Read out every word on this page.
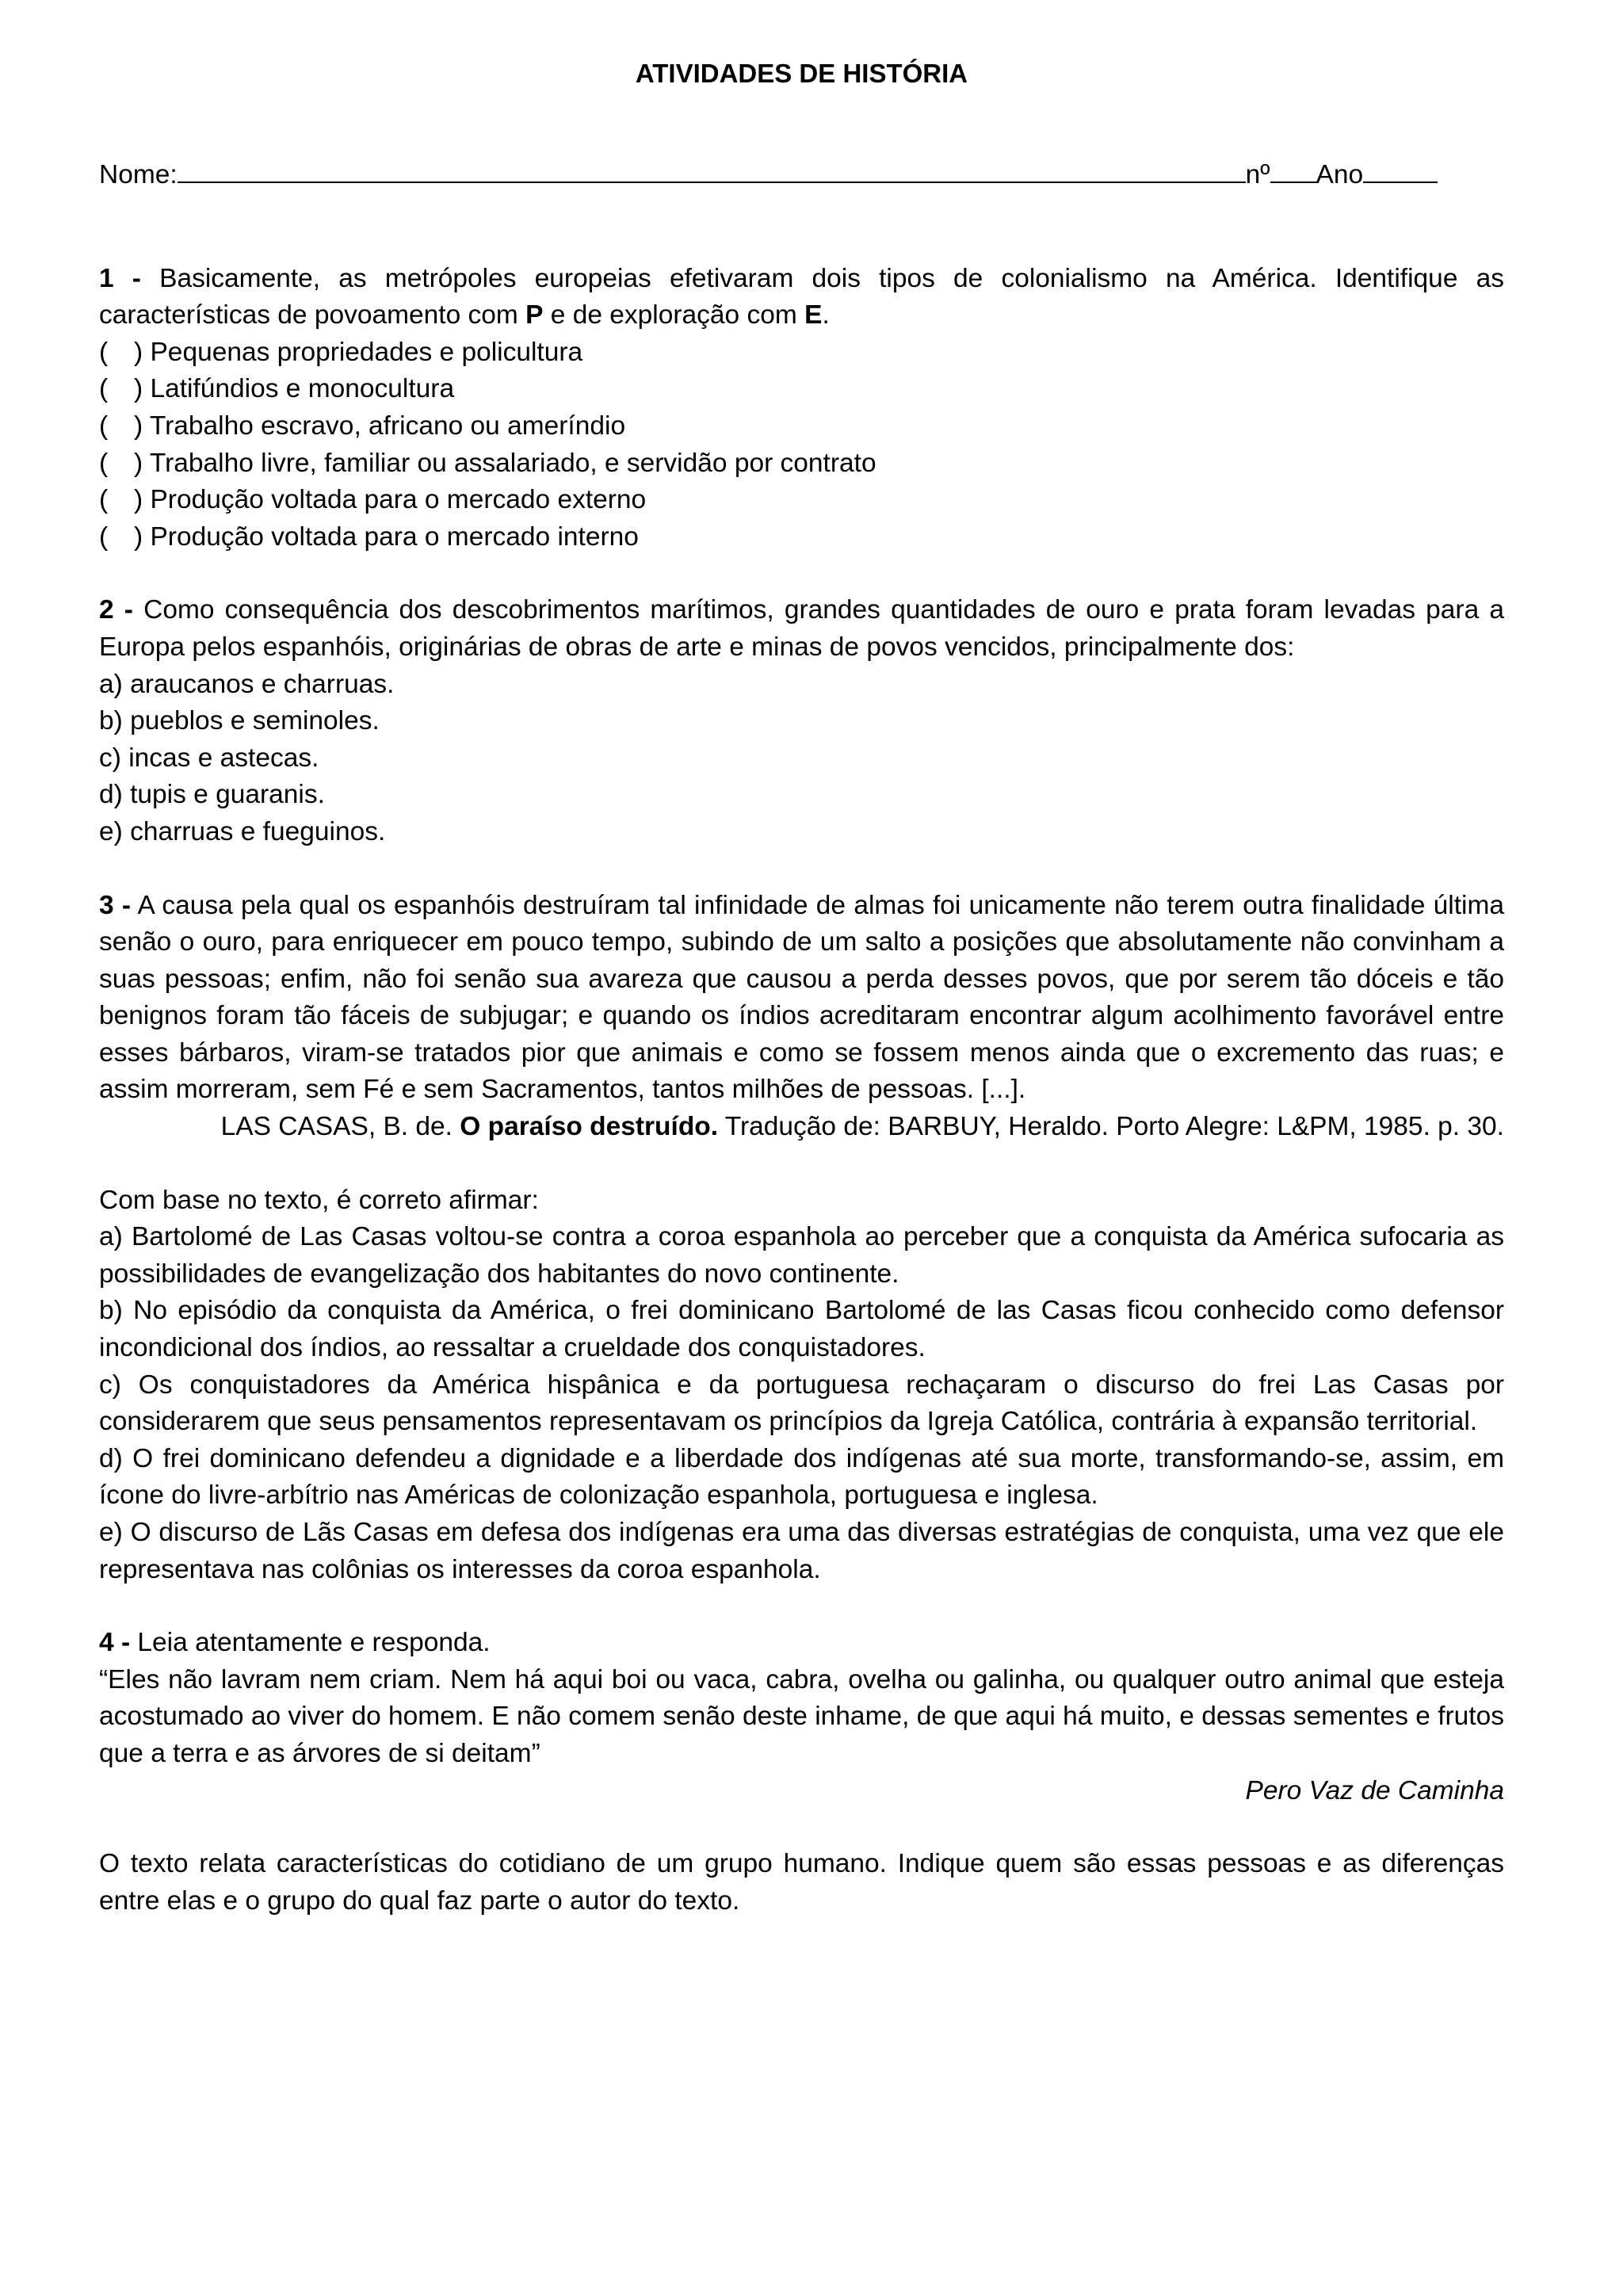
ATIVIDADES DE HISTÓRIA
Nome:	nº Ano
1 - Basicamente, as metrópoles europeias efetivaram dois tipos de colonialismo na América. Identifique as características de povoamento com P e de exploração com E.
( ) Pequenas propriedades e policultura
( ) Latifúndios e monocultura
( ) Trabalho escravo, africano ou ameríndio
( ) Trabalho livre, familiar ou assalariado, e servidão por contrato
( ) Produção voltada para o mercado externo
( ) Produção voltada para o mercado interno
2 - Como consequência dos descobrimentos marítimos, grandes quantidades de ouro e prata foram levadas para a Europa pelos espanhóis, originárias de obras de arte e minas de povos vencidos, principalmente dos:
a) araucanos e charruas.
b) pueblos e seminoles.
c) incas e astecas.
d) tupis e guaranis.
e) charruas e fueguinos.
3 - A causa pela qual os espanhóis destruíram tal infinidade de almas foi unicamente não terem outra finalidade última senão o ouro, para enriquecer em pouco tempo, subindo de um salto a posições que absolutamente não convinham a suas pessoas; enfim, não foi senão sua avareza que causou a perda desses povos, que por serem tão dóceis e tão benignos foram tão fáceis de subjugar; e quando os índios acreditaram encontrar algum acolhimento favorável entre esses bárbaros, viram-se tratados pior que animais e como se fossem menos ainda que o excremento das ruas; e assim morreram, sem Fé e sem Sacramentos, tantos milhões de pessoas. [...].
LAS CASAS, B. de. O paraíso destruído. Tradução de: BARBUY, Heraldo. Porto Alegre: L&PM, 1985. p. 30.
Com base no texto, é correto afirmar:
a) Bartolomé de Las Casas voltou-se contra a coroa espanhola ao perceber que a conquista da América sufocaria as possibilidades de evangelização dos habitantes do novo continente.
b) No episódio da conquista da América, o frei dominicano Bartolomé de las Casas ficou conhecido como defensor incondicional dos índios, ao ressaltar a crueldade dos conquistadores.
c) Os conquistadores da América hispânica e da portuguesa rechaçaram o discurso do frei Las Casas por considerarem que seus pensamentos representavam os princípios da Igreja Católica, contrária à expansão territorial.
d) O frei dominicano defendeu a dignidade e a liberdade dos indígenas até sua morte, transformando-se, assim, em ícone do livre-arbítrio nas Américas de colonização espanhola, portuguesa e inglesa.
e) O discurso de Lãs Casas em defesa dos indígenas era uma das diversas estratégias de conquista, uma vez que ele representava nas colônias os interesses da coroa espanhola.
4 - Leia atentamente e responda.
“Eles não lavram nem criam. Nem há aqui boi ou vaca, cabra, ovelha ou galinha, ou qualquer outro animal que esteja acostumado ao viver do homem. E não comem senão deste inhame, de que aqui há muito, e dessas sementes e frutos que a terra e as árvores de si deitam”
Pero Vaz de Caminha
O texto relata características do cotidiano de um grupo humano. Indique quem são essas pessoas e as diferenças entre elas e o grupo do qual faz parte o autor do texto.
